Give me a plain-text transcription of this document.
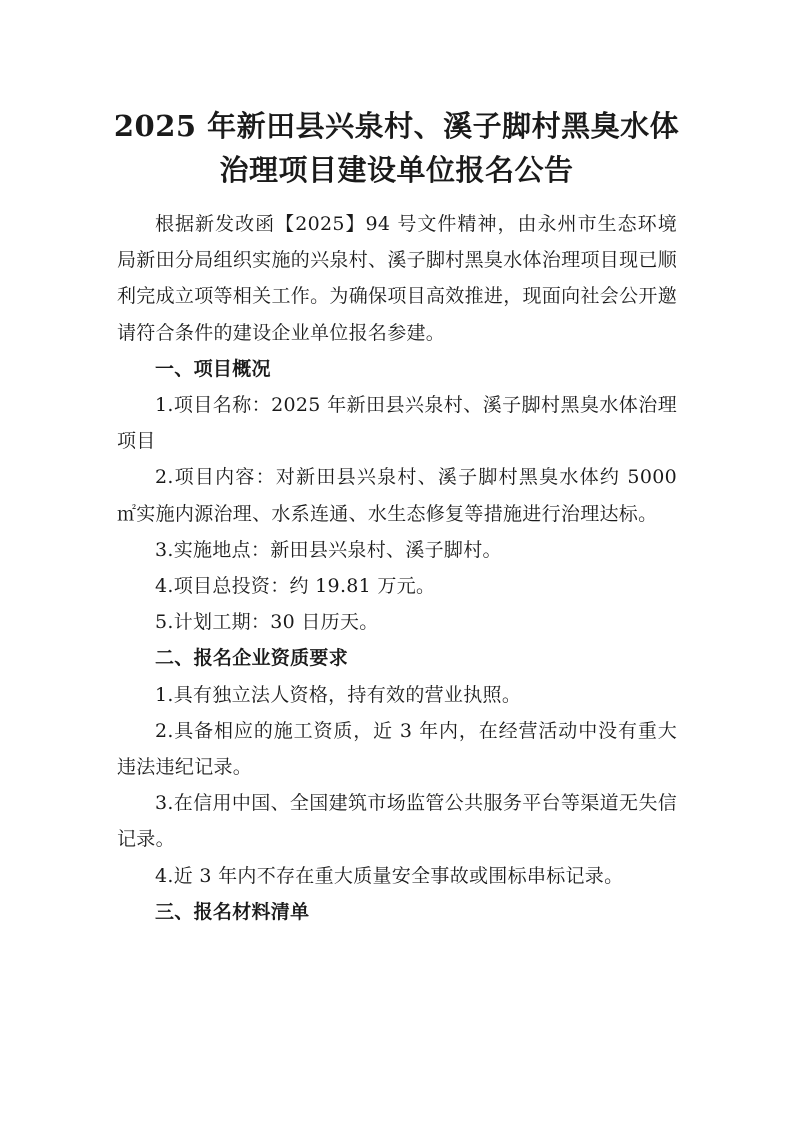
2025 年新田县兴泉村、溪子脚村黑臭水体
治理项目建设单位报名公告

根据新发改函【2025】94 号文件精神，由永州市生态环境局新田分局组织实施的兴泉村、溪子脚村黑臭水体治理项目现已顺利完成立项等相关工作。为确保项目高效推进，现面向社会公开邀请符合条件的建设企业单位报名参建。

一、项目概况

1.项目名称：2025 年新田县兴泉村、溪子脚村黑臭水体治理项目

2.项目内容：对新田县兴泉村、溪子脚村黑臭水体约 5000 ㎡实施内源治理、水系连通、水生态修复等措施进行治理达标。

3.实施地点：新田县兴泉村、溪子脚村。

4.项目总投资：约 19.81 万元。

5.计划工期：30 日历天。

二、报名企业资质要求

1.具有独立法人资格，持有效的营业执照。

2.具备相应的施工资质，近 3 年内，在经营活动中没有重大违法违纪记录。

3.在信用中国、全国建筑市场监管公共服务平台等渠道无失信记录。

4.近 3 年内不存在重大质量安全事故或围标串标记录。

三、报名材料清单
